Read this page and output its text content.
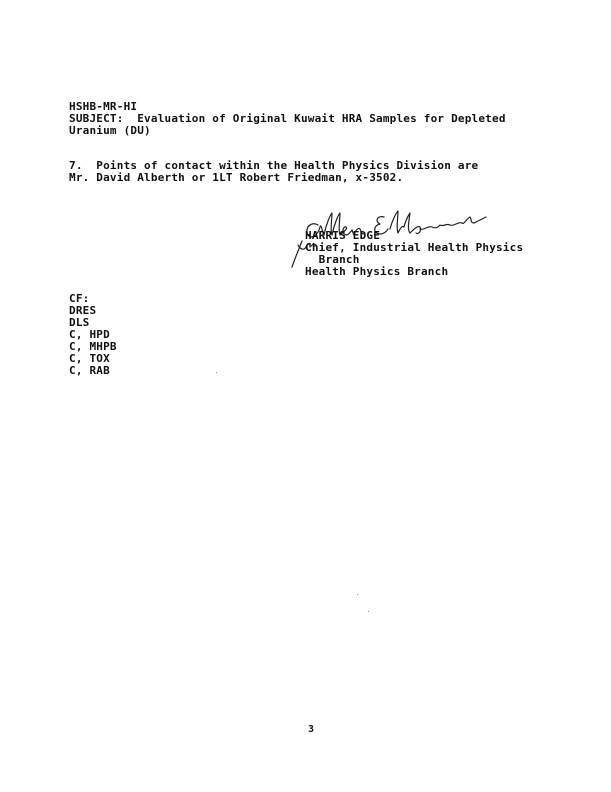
HSHB-MR-HI
SUBJECT:  Evaluation of Original Kuwait HRA Samples for Depleted
Uranium (DU)
7.  Points of contact within the Health Physics Division are
Mr. David Alberth or 1LT Robert Friedman, x-3502.
HARRIS EDGE
Chief, Industrial Health Physics
Branch
Health Physics Branch
CF:
DRES
DLS
C, HPD
C, MHPB
C, TOX
C, RAB
3
